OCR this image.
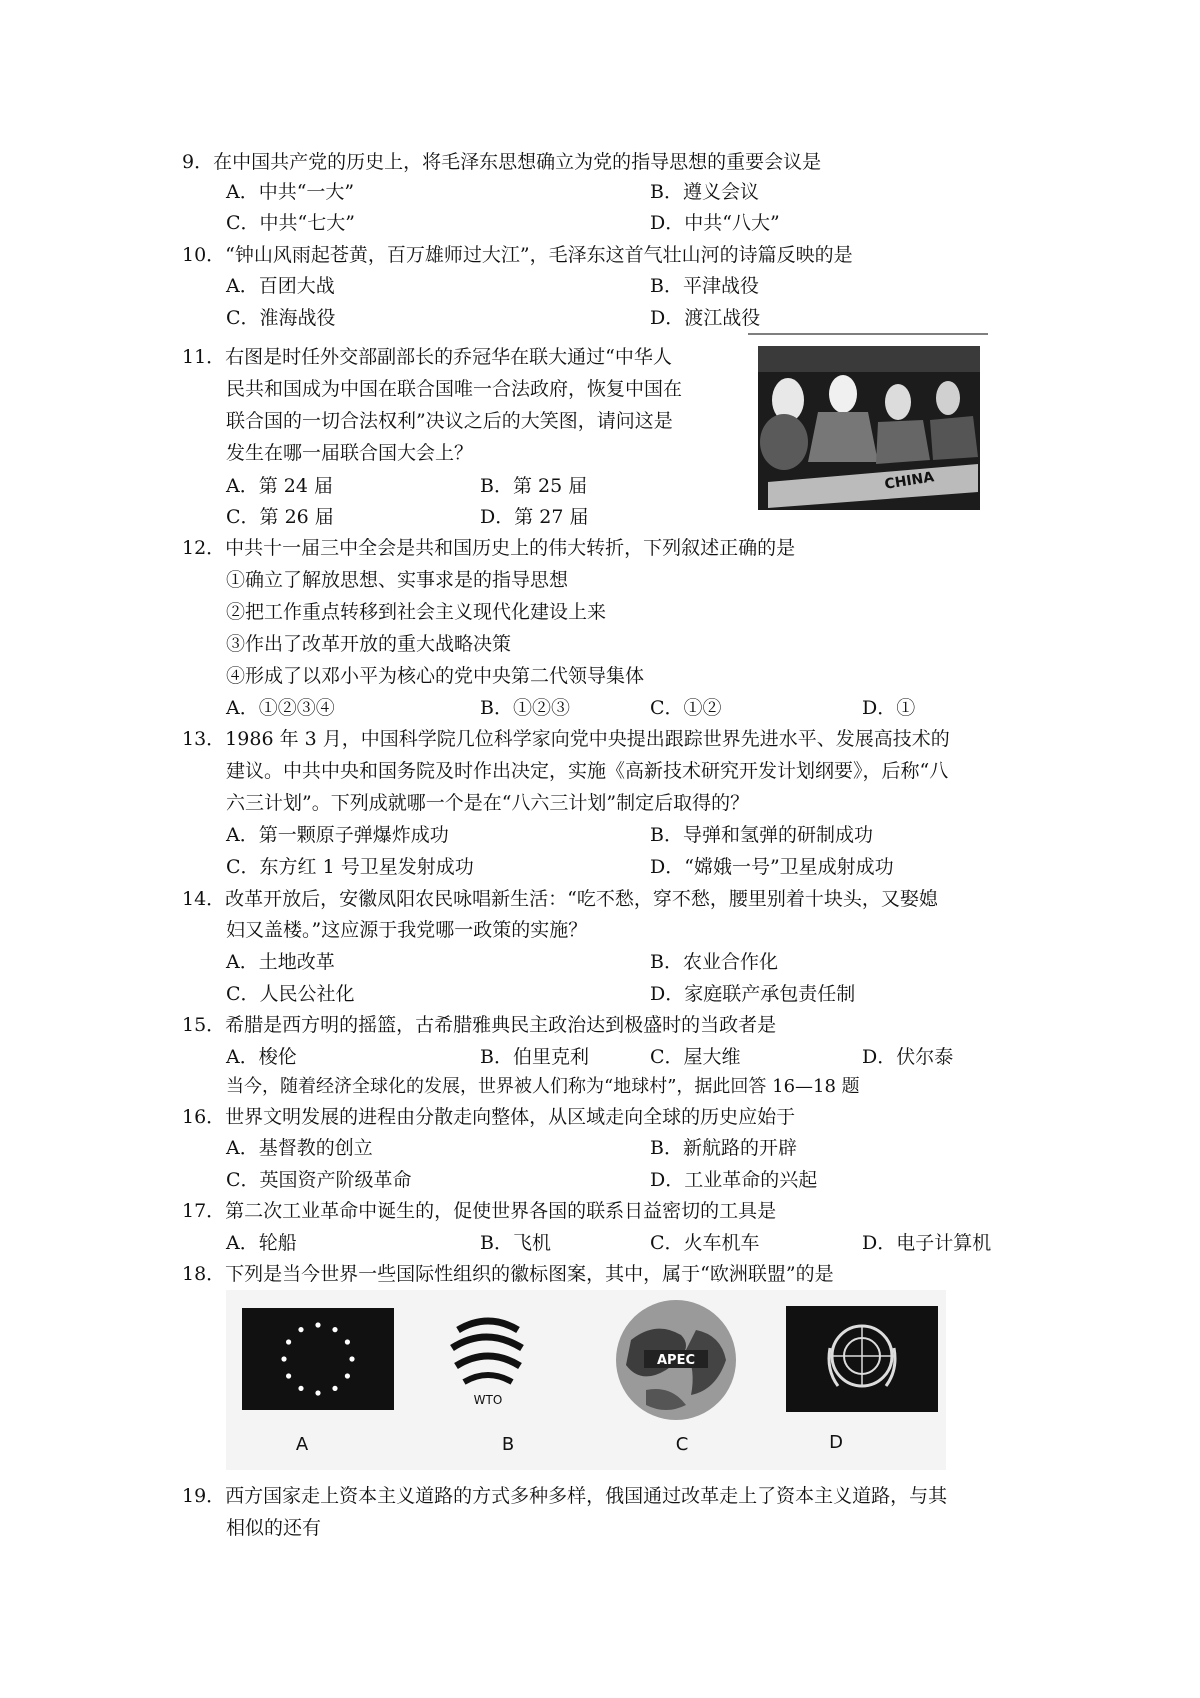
9．在中国共产党的历史上，将毛泽东思想确立为党的指导思想的重要会议是
A．中共“一大”	B．遵义会议
C．中共“七大”	D．中共“八大”
10．“钟山风雨起苍黄，百万雄师过大江”，毛泽东这首气壮山河的诗篇反映的是
A．百团大战	B．平津战役
C．淮海战役	D．渡江战役
11．右图是时任外交部副部长的乔冠华在联大通过“中华人
民共和国成为中国在联合国唯一合法政府，恢复中国在
联合国的一切合法权利”决议之后的大笑图，请问这是
发生在哪一届联合国大会上？
A．第 24 届	B．第 25 届
C．第 26 届	D．第 27 届
CHINA
12．中共十一届三中全会是共和国历史上的伟大转折，下列叙述正确的是
①确立了解放思想、实事求是的指导思想
②把工作重点转移到社会主义现代化建设上来
③作出了改革开放的重大战略决策
④形成了以邓小平为核心的党中央第二代领导集体
A．①②③④	B．①②③	C．①②	D．①
13．1986 年 3 月，中国科学院几位科学家向党中央提出跟踪世界先进水平、发展高技术的
建议。中共中央和国务院及时作出决定，实施《高新技术研究开发计划纲要》，后称“八
六三计划”。下列成就哪一个是在“八六三计划”制定后取得的？
A．第一颗原子弹爆炸成功	B．导弹和氢弹的研制成功
C．东方红 1 号卫星发射成功	D．“嫦娥一号”卫星成射成功
14．改革开放后，安徽凤阳农民咏唱新生活：“吃不愁，穿不愁，腰里别着十块头，又娶媳
妇又盖楼。”这应源于我党哪一政策的实施？
A．土地改革	B．农业合作化
C．人民公社化	D．家庭联产承包责任制
15．希腊是西方明的摇篮，古希腊雅典民主政治达到极盛时的当政者是
A．梭伦	B．伯里克利	C．屋大维	D．伏尔泰
当今，随着经济全球化的发展，世界被人们称为“地球村”，据此回答 16—18 题
16．世界文明发展的进程由分散走向整体，从区域走向全球的历史应始于
A．基督教的创立	B．新航路的开辟
C．英国资产阶级革命	D．工业革命的兴起
17．第二次工业革命中诞生的，促使世界各国的联系日益密切的工具是
A．轮船	B．飞机	C．火车机车	D．电子计算机
18．下列是当今世界一些国际性组织的徽标图案，其中，属于“欧洲联盟”的是
WTO
APEC
A	B	C	D
19．西方国家走上资本主义道路的方式多种多样，俄国通过改革走上了资本主义道路，与其
相似的还有
